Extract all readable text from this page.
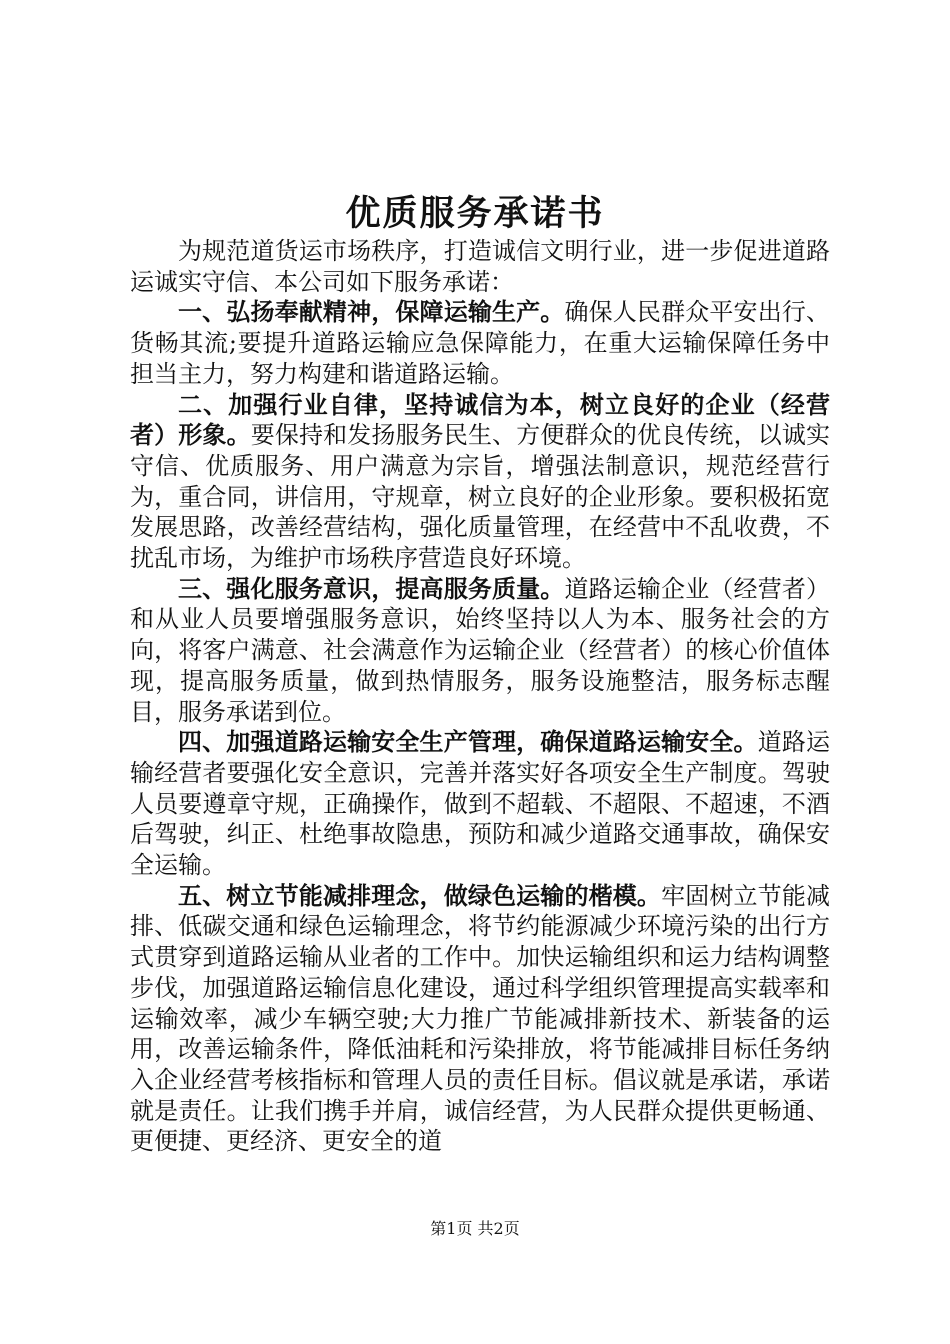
优质服务承诺书

为规范道货运市场秩序，打造诚信文明行业，进一步促进道路运诚实守信、本公司如下服务承诺：

一、弘扬奉献精神，保障运输生产。确保人民群众平安出行、货畅其流;要提升道路运输应急保障能力，在重大运输保障任务中担当主力，努力构建和谐道路运输。

二、加强行业自律，坚持诚信为本，树立良好的企业（经营者）形象。要保持和发扬服务民生、方便群众的优良传统，以诚实守信、优质服务、用户满意为宗旨，增强法制意识，规范经营行为，重合同，讲信用，守规章，树立良好的企业形象。要积极拓宽发展思路，改善经营结构，强化质量管理，在经营中不乱收费，不扰乱市场，为维护市场秩序营造良好环境。

三、强化服务意识，提高服务质量。道路运输企业（经营者）和从业人员要增强服务意识，始终坚持以人为本、服务社会的方向，将客户满意、社会满意作为运输企业（经营者）的核心价值体现，提高服务质量，做到热情服务，服务设施整洁，服务标志醒目，服务承诺到位。

四、加强道路运输安全生产管理，确保道路运输安全。道路运输经营者要强化安全意识，完善并落实好各项安全生产制度。驾驶人员要遵章守规，正确操作，做到不超载、不超限、不超速，不酒后驾驶，纠正、杜绝事故隐患，预防和减少道路交通事故，确保安全运输。

五、树立节能减排理念，做绿色运输的楷模。牢固树立节能减排、低碳交通和绿色运输理念，将节约能源减少环境污染的出行方式贯穿到道路运输从业者的工作中。加快运输组织和运力结构调整步伐，加强道路运输信息化建设，通过科学组织管理提高实载率和运输效率，减少车辆空驶;大力推广节能减排新技术、新装备的运用，改善运输条件，降低油耗和污染排放，将节能减排目标任务纳入企业经营考核指标和管理人员的责任目标。倡议就是承诺，承诺就是责任。让我们携手并肩，诚信经营，为人民群众提供更畅通、更便捷、更经济、更安全的道

第1页 共2页
